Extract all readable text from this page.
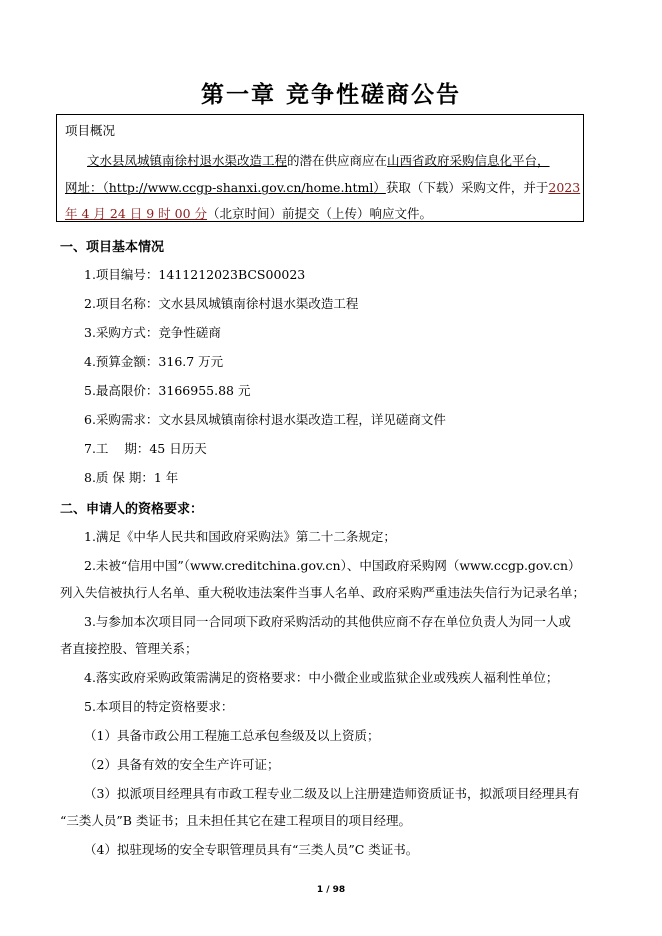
第一章 竞争性磋商公告
项目概况
文水县凤城镇南徐村退水渠改造工程的潜在供应商应在山西省政府采购信息化平台，
网址：（http://www.ccgp-shanxi.gov.cn/home.html）获取（下载）采购文件，并于2023
年 4 月 24 日 9 时 00 分（北京时间）前提交（上传）响应文件。
一、项目基本情况
1.项目编号：1411212023BCS00023
2.项目名称：文水县凤城镇南徐村退水渠改造工程
3.采购方式：竞争性磋商
4.预算金额：316.7 万元
5.最高限价：3166955.88 元
6.采购需求：文水县凤城镇南徐村退水渠改造工程，详见磋商文件
7.工    期：45 日历天
8.质 保 期：1 年
二、申请人的资格要求：
1.满足《中华人民共和国政府采购法》第二十二条规定；
2.未被“信用中国”（www.creditchina.gov.cn）、中国政府采购网（www.ccgp.gov.cn）
列入失信被执行人名单、重大税收违法案件当事人名单、政府采购严重违法失信行为记录名单；
3.与参加本次项目同一合同项下政府采购活动的其他供应商不存在单位负责人为同一人或
者直接控股、管理关系；
4.落实政府采购政策需满足的资格要求：中小微企业或监狱企业或残疾人福利性单位；
5.本项目的特定资格要求：
（1）具备市政公用工程施工总承包叁级及以上资质；
（2）具备有效的安全生产许可证；
（3）拟派项目经理具有市政工程专业二级及以上注册建造师资质证书，拟派项目经理具有
“三类人员”B 类证书；且未担任其它在建工程项目的项目经理。
（4）拟驻现场的安全专职管理员具有“三类人员”C 类证书。
1 / 98
